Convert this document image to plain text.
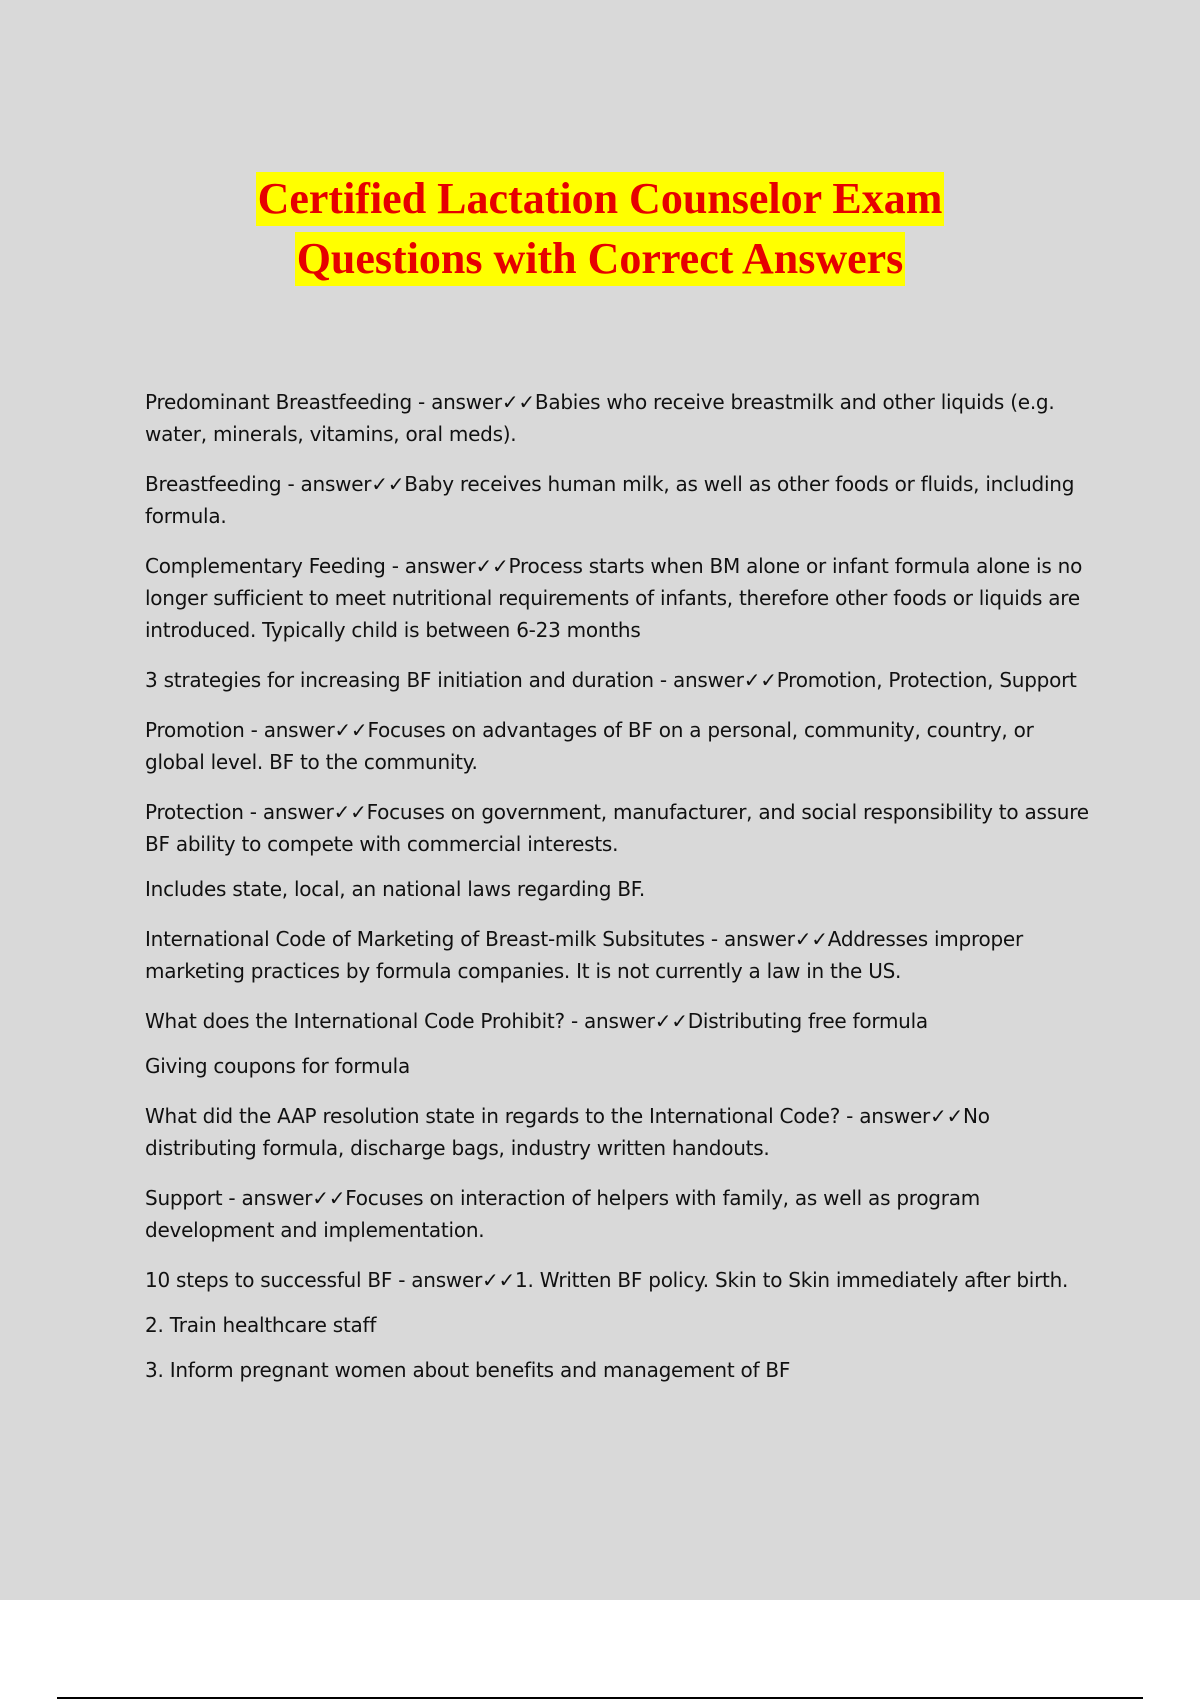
Certified Lactation Counselor Exam
Questions with Correct Answers

Predominant Breastfeeding - answer✓✓Babies who receive breastmilk and other liquids (e.g. water, minerals, vitamins, oral meds).

Breastfeeding - answer✓✓Baby receives human milk, as well as other foods or fluids, including formula.

Complementary Feeding - answer✓✓Process starts when BM alone or infant formula alone is no longer sufficient to meet nutritional requirements of infants, therefore other foods or liquids are introduced. Typically child is between 6-23 months

3 strategies for increasing BF initiation and duration - answer✓✓Promotion, Protection, Support

Promotion - answer✓✓Focuses on advantages of BF on a personal, community, country, or global level. BF to the community.

Protection - answer✓✓Focuses on government, manufacturer, and social responsibility to assure BF ability to compete with commercial interests.

Includes state, local, an national laws regarding BF.

International Code of Marketing of Breast-milk Subsitutes - answer✓✓Addresses improper marketing practices by formula companies. It is not currently a law in the US.

What does the International Code Prohibit? - answer✓✓Distributing free formula

Giving coupons for formula

What did the AAP resolution state in regards to the International Code? - answer✓✓No distributing formula, discharge bags, industry written handouts.

Support - answer✓✓Focuses on interaction of helpers with family, as well as program development and implementation.

10 steps to successful BF - answer✓✓1. Written BF policy. Skin to Skin immediately after birth.

2. Train healthcare staff

3. Inform pregnant women about benefits and management of BF
